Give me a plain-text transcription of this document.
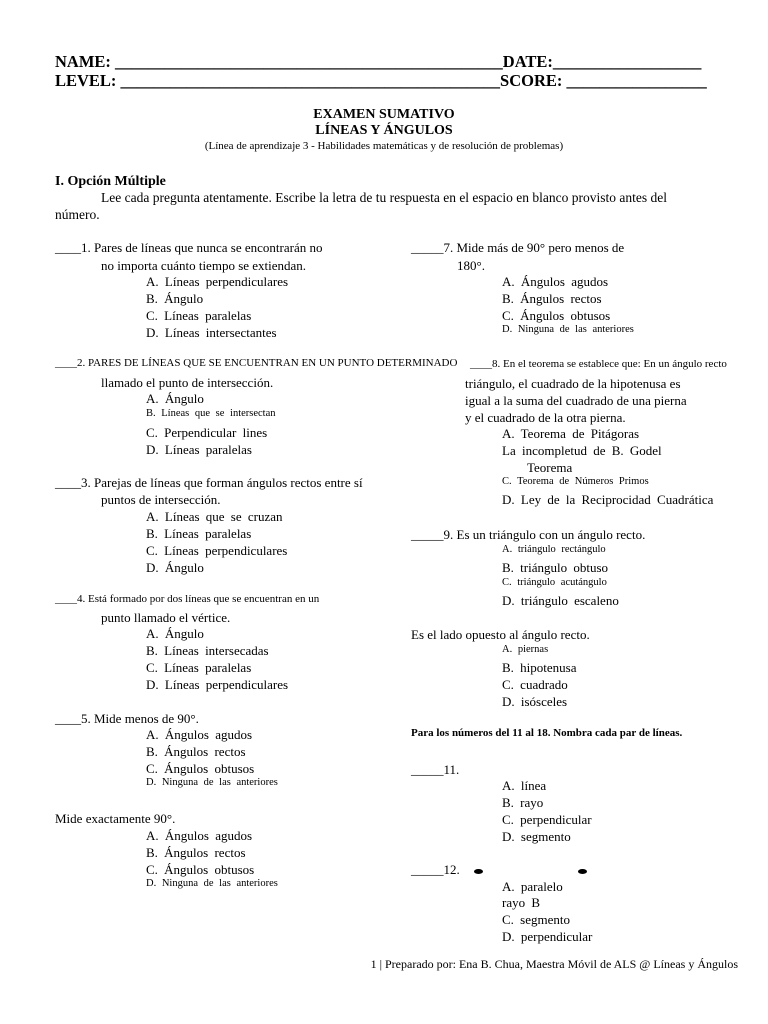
NAME: _______________________________________________DATE:__________________
LEVEL: ______________________________________________SCORE: _________________
EXAMEN SUMATIVO
LÍNEAS Y ÁNGULOS
(Línea de aprendizaje 3 - Habilidades matemáticas y de resolución de problemas)
I. Opción Múltiple
Lee cada pregunta atentamente. Escribe la letra de tu respuesta en el espacio en blanco provisto antes del
número.
____1. Pares de líneas que nunca se encontrarán no
no importa cuánto tiempo se extiendan.
A. Líneas perpendiculares
B. Ángulo
C. Líneas paralelas
D. Líneas intersectantes
____2. PARES DE LÍNEAS QUE SE ENCUENTRAN EN UN PUNTO DETERMINADO
llamado el punto de intersección.
A. Ángulo
B. Líneas que se intersectan
C. Perpendicular lines
D. Líneas paralelas
____3. Parejas de líneas que forman ángulos rectos entre sí
puntos de intersección.
A. Líneas que se cruzan
B. Líneas paralelas
C. Líneas perpendiculares
D. Ángulo
____4. Está formado por dos líneas que se encuentran en un
punto llamado el vértice.
A. Ángulo
B. Líneas intersecadas
C. Líneas paralelas
D. Líneas perpendiculares
____5. Mide menos de 90°.
A. Ángulos agudos
B. Ángulos rectos
C. Ángulos obtusos
D. Ninguna de las anteriores
Mide exactamente 90°.
A. Ángulos agudos
B. Ángulos rectos
C. Ángulos obtusos
D. Ninguna de las anteriores
_____7. Mide más de 90° pero menos de
180°.
A. Ángulos agudos
B. Ángulos rectos
C. Ángulos obtusos
D. Ninguna de las anteriores
____8. En el teorema se establece que: En un ángulo recto
triángulo, el cuadrado de la hipotenusa es
igual a la suma del cuadrado de una pierna
y el cuadrado de la otra pierna.
A. Teorema de Pitágoras
La incompletud de B. Godel
Teorema
C. Teorema de Números Primos
D. Ley de la Reciprocidad Cuadrática
_____9. Es un triángulo con un ángulo recto.
A. triángulo rectángulo
B. triángulo obtuso
C. triángulo acutángulo
D. triángulo escaleno
Es el lado opuesto al ángulo recto.
A. piernas
B. hipotenusa
C. cuadrado
D. isósceles
Para los números del 11 al 18. Nombra cada par de líneas.
_____11.
A. línea
B. rayo
C. perpendicular
D. segmento
_____12.
A. paralelo
rayo B
C. segmento
D. perpendicular
1 | Preparado por: Ena B. Chua, Maestra Móvil de ALS @ Líneas y Ángulos
